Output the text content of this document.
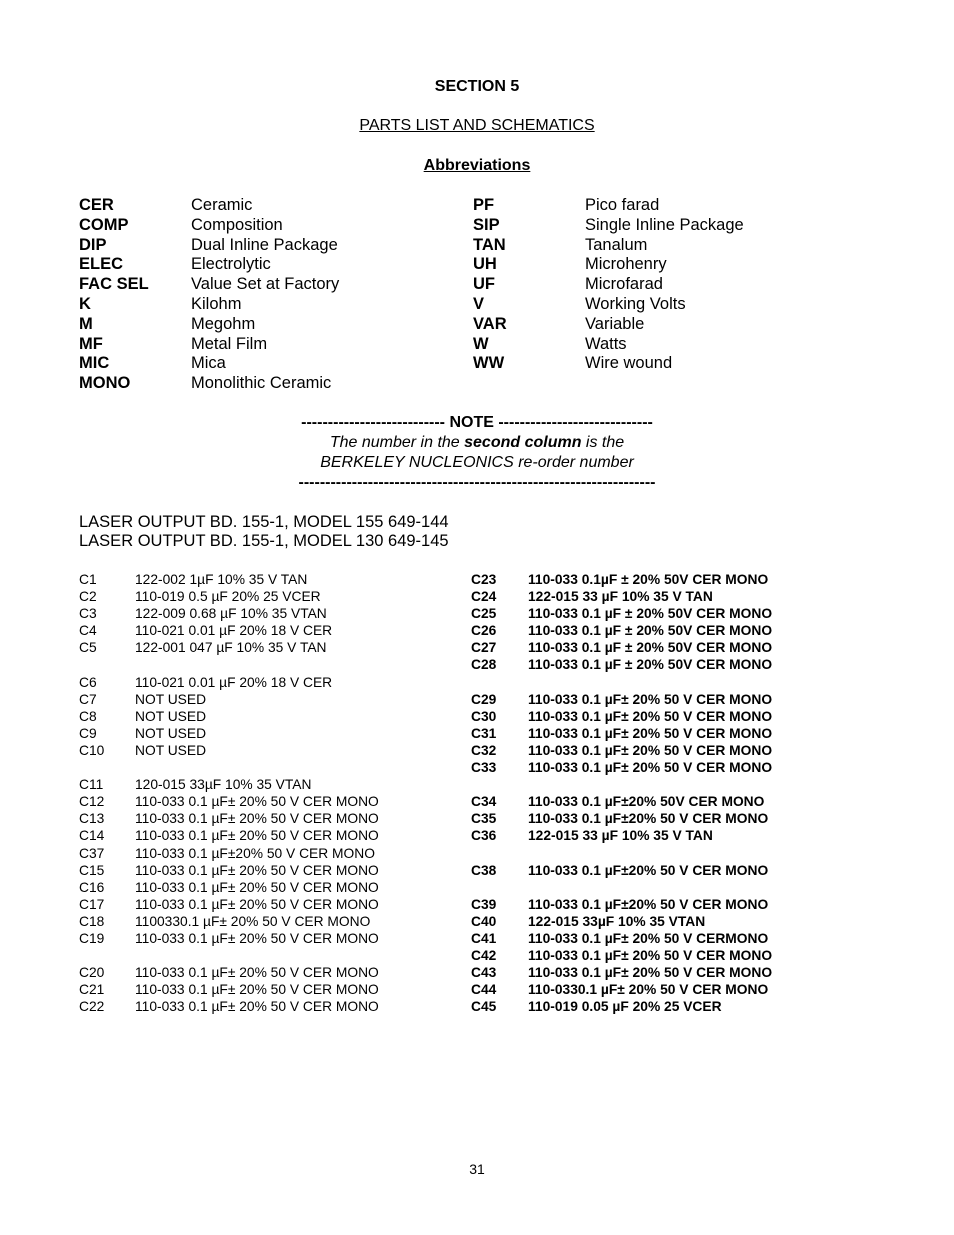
SECTION 5
PARTS LIST AND SCHEMATICS
Abbreviations
CER	Ceramic
COMP	Composition
DIP	Dual Inline Package
ELEC	Electrolytic
FAC SEL	Value Set at Factory
K	Kilohm
M	Megohm
MF	Metal Film
MIC	Mica
MONO	Monolithic Ceramic
PF	Pico farad
SIP	Single Inline Package
TAN	Tanalum
UH	Microhenry
UF	Microfarad
V	Working Volts
VAR	Variable
W	Watts
WW	Wire wound
--------------------------- NOTE -----------------------------
The number in the second column is the
BERKELEY NUCLEONICS re-order number
-------------------------------------------------------------------
LASER OUTPUT BD. 155-1, MODEL 155 649-144
LASER OUTPUT BD. 155-1, MODEL 130 649-145
C1	122-002 1µF 10% 35 V TAN
C2	110-019 0.5 µF 20% 25 VCER
C3	122-009 0.68 µF 10% 35 VTAN
C4	110-021 0.01 µF 20% 18 V CER
C5	122-001 047 µF 10% 35 V TAN
C6	110-021 0.01 µF 20% 18 V CER
C7	NOT USED
C8	NOT USED
C9	NOT USED
C10 NOT USED
C11 120-015 33µF 10% 35 VTAN
C12 110-033 0.1 µF± 20% 50 V CER MONO
C13 110-033 0.1 µF± 20% 50 V CER MONO
C14 110-033 0.1 µF± 20% 50 V CER MONO
C37 110-033 0.1 µF±20% 50 V CER MONO
C15 110-033 0.1 µF± 20% 50 V CER MONO
C16 110-033 0.1 µF± 20% 50 V CER MONO
C17 110-033 0.1 µF± 20% 50 V CER MONO
C18 1100330.1 µF± 20% 50 V CER MONO
C19 110-033 0.1 µF± 20% 50 V CER MONO
C20 110-033 0.1 µF± 20% 50 V CER MONO
C21 110-033 0.1 µF± 20% 50 V CER MONO
C22 110-033 0.1 µF± 20% 50 V CER MONO
C23 110-033 0.1µF ± 20% 50V CER MONO
C24 122-015 33 µF 10% 35 V TAN
C25 110-033 0.1 µF ± 20% 50V CER MONO
C26 110-033 0.1 µF ± 20% 50V CER MONO
C27 110-033 0.1 µF ± 20% 50V CER MONO
C28 110-033 0.1 µF ± 20% 50V CER MONO
C29 110-033 0.1 µF± 20% 50 V CER MONO
C30 110-033 0.1 µF± 20% 50 V CER MONO
C31 110-033 0.1 µF± 20% 50 V CER MONO
C32 110-033 0.1 µF± 20% 50 V CER MONO
C33 110-033 0.1 µF± 20% 50 V CER MONO
C34 110-033 0.1 µF±20% 50V CER MONO
C35 110-033 0.1 µF±20% 50 V CER MONO
C36 122-015 33 µF 10% 35 V TAN
C38 110-033 0.1 µF±20% 50 V CER MONO
C39 110-033 0.1 µF±20% 50 V CER MONO
C40 122-015 33µF 10% 35 VTAN
C41 110-033 0.1 µF± 20% 50 V CERMONO
C42 110-033 0.1 µF± 20% 50 V CER MONO
C43 110-033 0.1 µF± 20% 50 V CER MONO
C44 110-0330.1 µF± 20% 50 V CER MONO
C45 110-019 0.05 µF 20% 25 VCER
31
